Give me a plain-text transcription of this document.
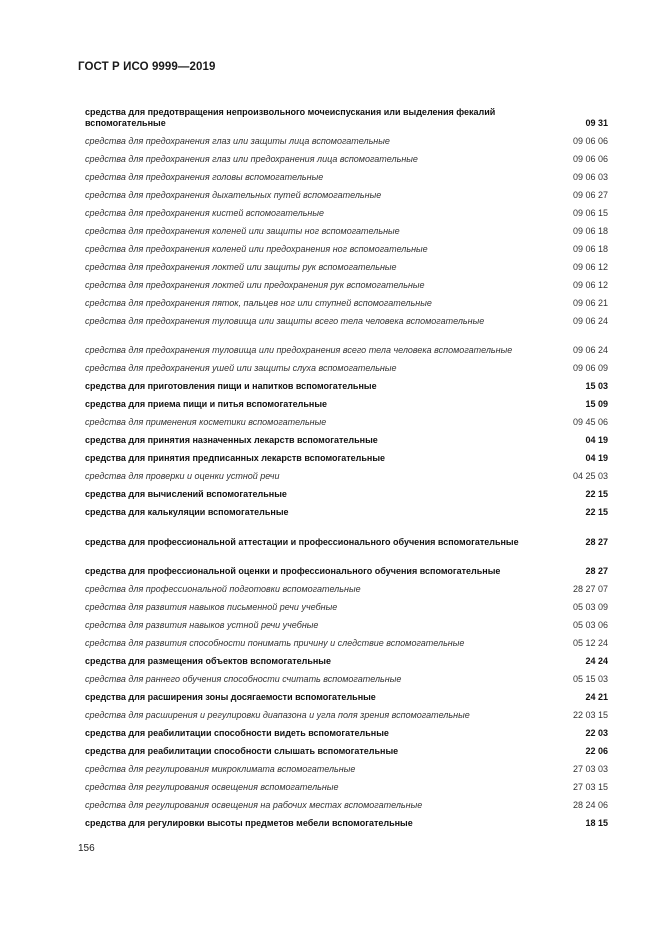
ГОСТ Р ИСО 9999—2019
средства для предотвращения непроизвольного мочеиспускания или выделения фекалий вспомогательные	09 31
средства для предохранения глаз или защиты лица вспомогательные	09 06 06
средства для предохранения глаз или предохранения лица вспомогательные	09 06 06
средства для предохранения головы вспомогательные	09 06 03
средства для предохранения дыхательных путей вспомогательные	09 06 27
средства для предохранения кистей вспомогательные	09 06 15
средства для предохранения коленей или защиты ног вспомогательные	09 06 18
средства для предохранения коленей или предохранения ног вспомогательные	09 06 18
средства для предохранения локтей или защиты рук вспомогательные	09 06 12
средства для предохранения локтей или предохранения рук вспомогательные	09 06 12
средства для предохранения пяток, пальцев ног или ступней вспомогательные	09 06 21
средства для предохранения туловища или защиты всего тела человека вспомогательные	09 06 24
средства для предохранения туловища или предохранения всего тела человека вспомогательные	09 06 24
средства для предохранения ушей или защиты слуха вспомогательные	09 06 09
средства для приготовления пищи и напитков вспомогательные	15 03
средства для приема пищи и питья вспомогательные	15 09
средства для применения косметики вспомогательные	09 45 06
средства для принятия назначенных лекарств вспомогательные	04 19
средства для принятия предписанных лекарств вспомогательные	04 19
средства для проверки и оценки устной речи	04 25 03
средства для вычислений вспомогательные	22 15
средства для калькуляции вспомогательные	22 15
средства для профессиональной аттестации и профессионального обучения вспомогательные	28 27
средства для профессиональной оценки и профессионального обучения вспомогательные	28 27
средства для профессиональной подготовки вспомогательные	28 27 07
средства для развития навыков письменной речи учебные	05 03 09
средства для развития навыков устной речи учебные	05 03 06
средства для развития способности понимать причину и следствие вспомогательные	05 12 24
средства для размещения объектов вспомогательные	24 24
средства для раннего обучения способности считать вспомогательные	05 15 03
средства для расширения зоны досягаемости вспомогательные	24 21
средства для расширения и регулировки диапазона и угла поля зрения вспомогательные	22 03 15
средства для реабилитации способности видеть вспомогательные	22 03
средства для реабилитации способности слышать вспомогательные	22 06
средства для регулирования микроклимата вспомогательные	27 03 03
средства для регулирования освещения вспомогательные	27 03 15
средства для регулирования освещения на рабочих местах вспомогательные	28 24 06
средства для регулировки высоты предметов мебели вспомогательные	18 15
156
